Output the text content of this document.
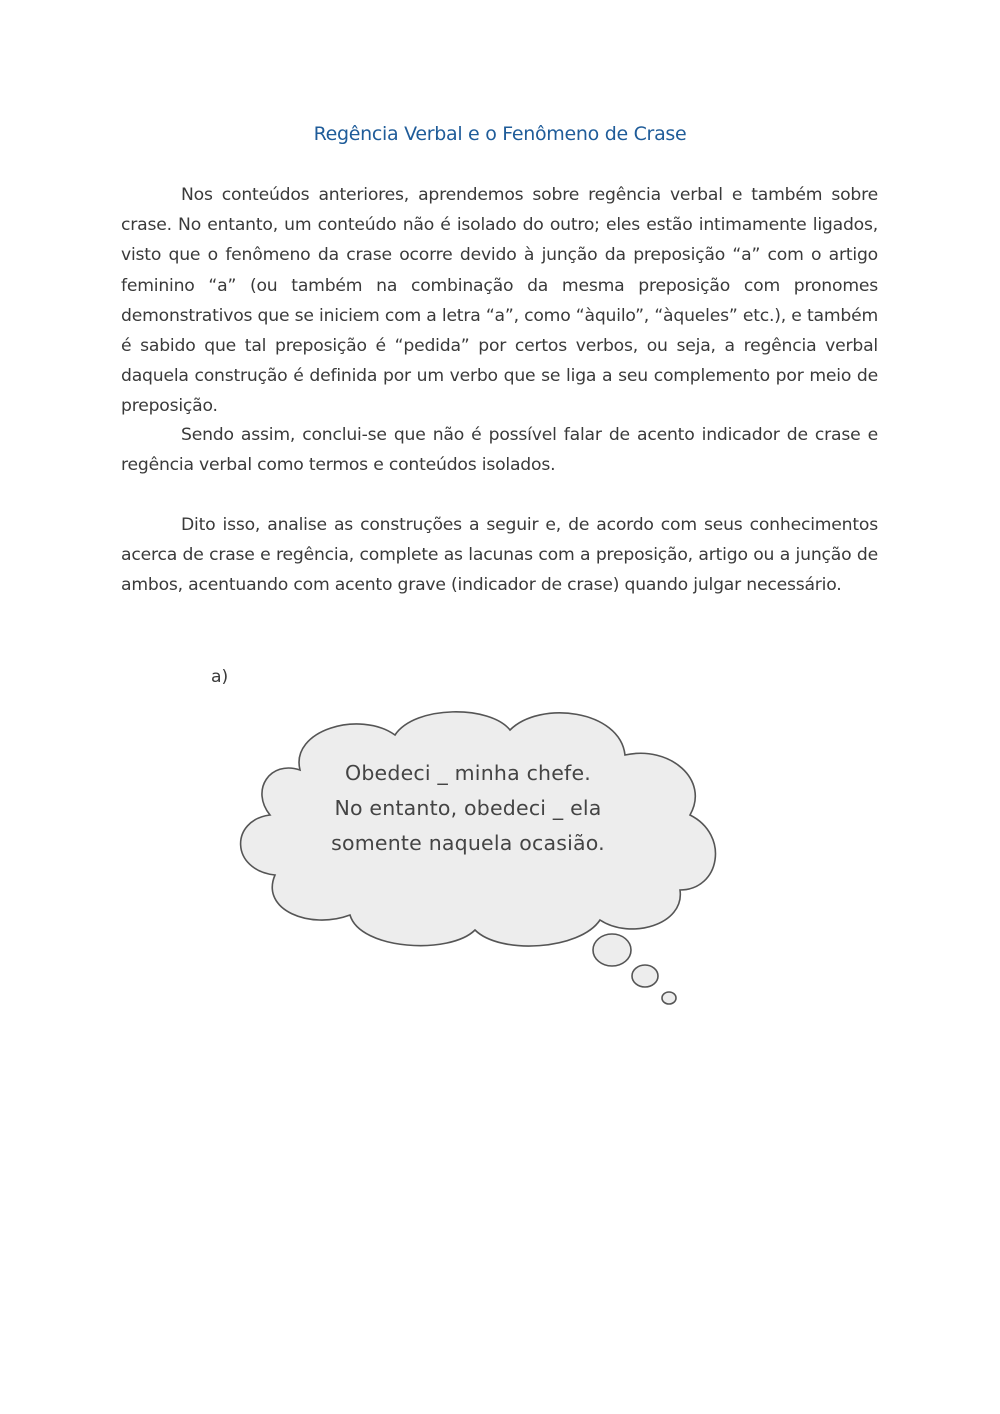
Regência Verbal e o Fenômeno de Crase

Nos conteúdos anteriores, aprendemos sobre regência verbal e também sobre crase. No entanto, um conteúdo não é isolado do outro; eles estão intimamente ligados, visto que o fenômeno da crase ocorre devido à junção da preposição “a” com o artigo feminino “a” (ou também na combinação da mesma preposição com pronomes demonstrativos que se iniciem com a letra “a”, como “àquilo”, “àqueles” etc.), e também é sabido que tal preposição é “pedida” por certos verbos, ou seja, a regência verbal daquela construção é definida por um verbo que se liga a seu complemento por meio de preposição.

Sendo assim, conclui-se que não é possível falar de acento indicador de crase e regência verbal como termos e conteúdos isolados.

Dito isso, analise as construções a seguir e, de acordo com seus conhecimentos acerca de crase e regência, complete as lacunas com a preposição, artigo ou a junção de ambos, acentuando com acento grave (indicador de crase) quando julgar necessário.

a)
Obedeci _ minha chefe.
No entanto, obedeci _ ela
somente naquela ocasião.
